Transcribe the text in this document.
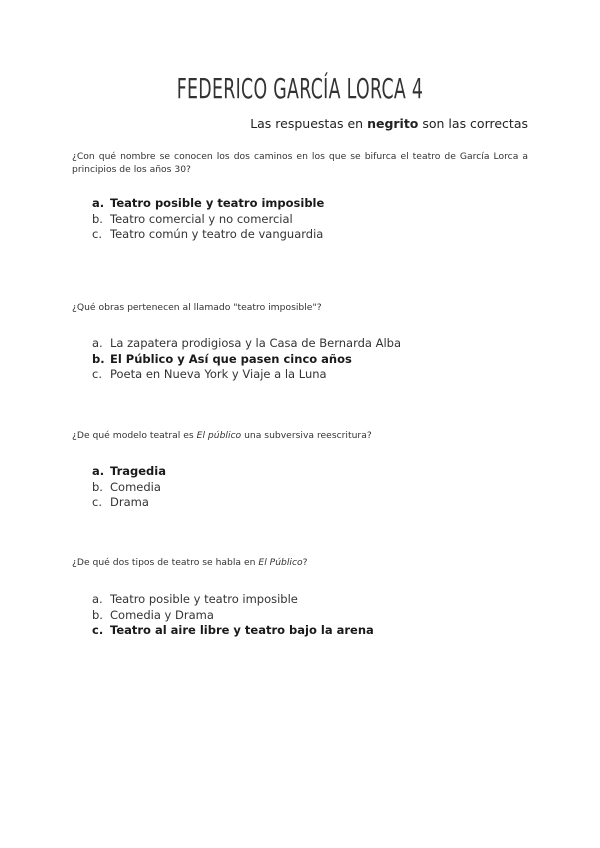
FEDERICO GARCÍA LORCA 4
Las respuestas en negrito son las correctas
¿Con qué nombre se conocen los dos caminos en los que se bifurca el teatro de García Lorca a principios de los años 30?
a. Teatro posible y teatro imposible
b. Teatro comercial y no comercial
c. Teatro común y teatro de vanguardia
¿Qué obras pertenecen al llamado "teatro imposible"?
a. La zapatera prodigiosa y la Casa de Bernarda Alba
b. El Público y Así que pasen cinco años
c. Poeta en Nueva York y Viaje a la Luna
¿De qué modelo teatral es El público una subversiva reescritura?
a. Tragedia
b. Comedia
c. Drama
¿De qué dos tipos de teatro se habla en El Público?
a. Teatro posible y teatro imposible
b. Comedia y Drama
c. Teatro al aire libre y teatro bajo la arena
